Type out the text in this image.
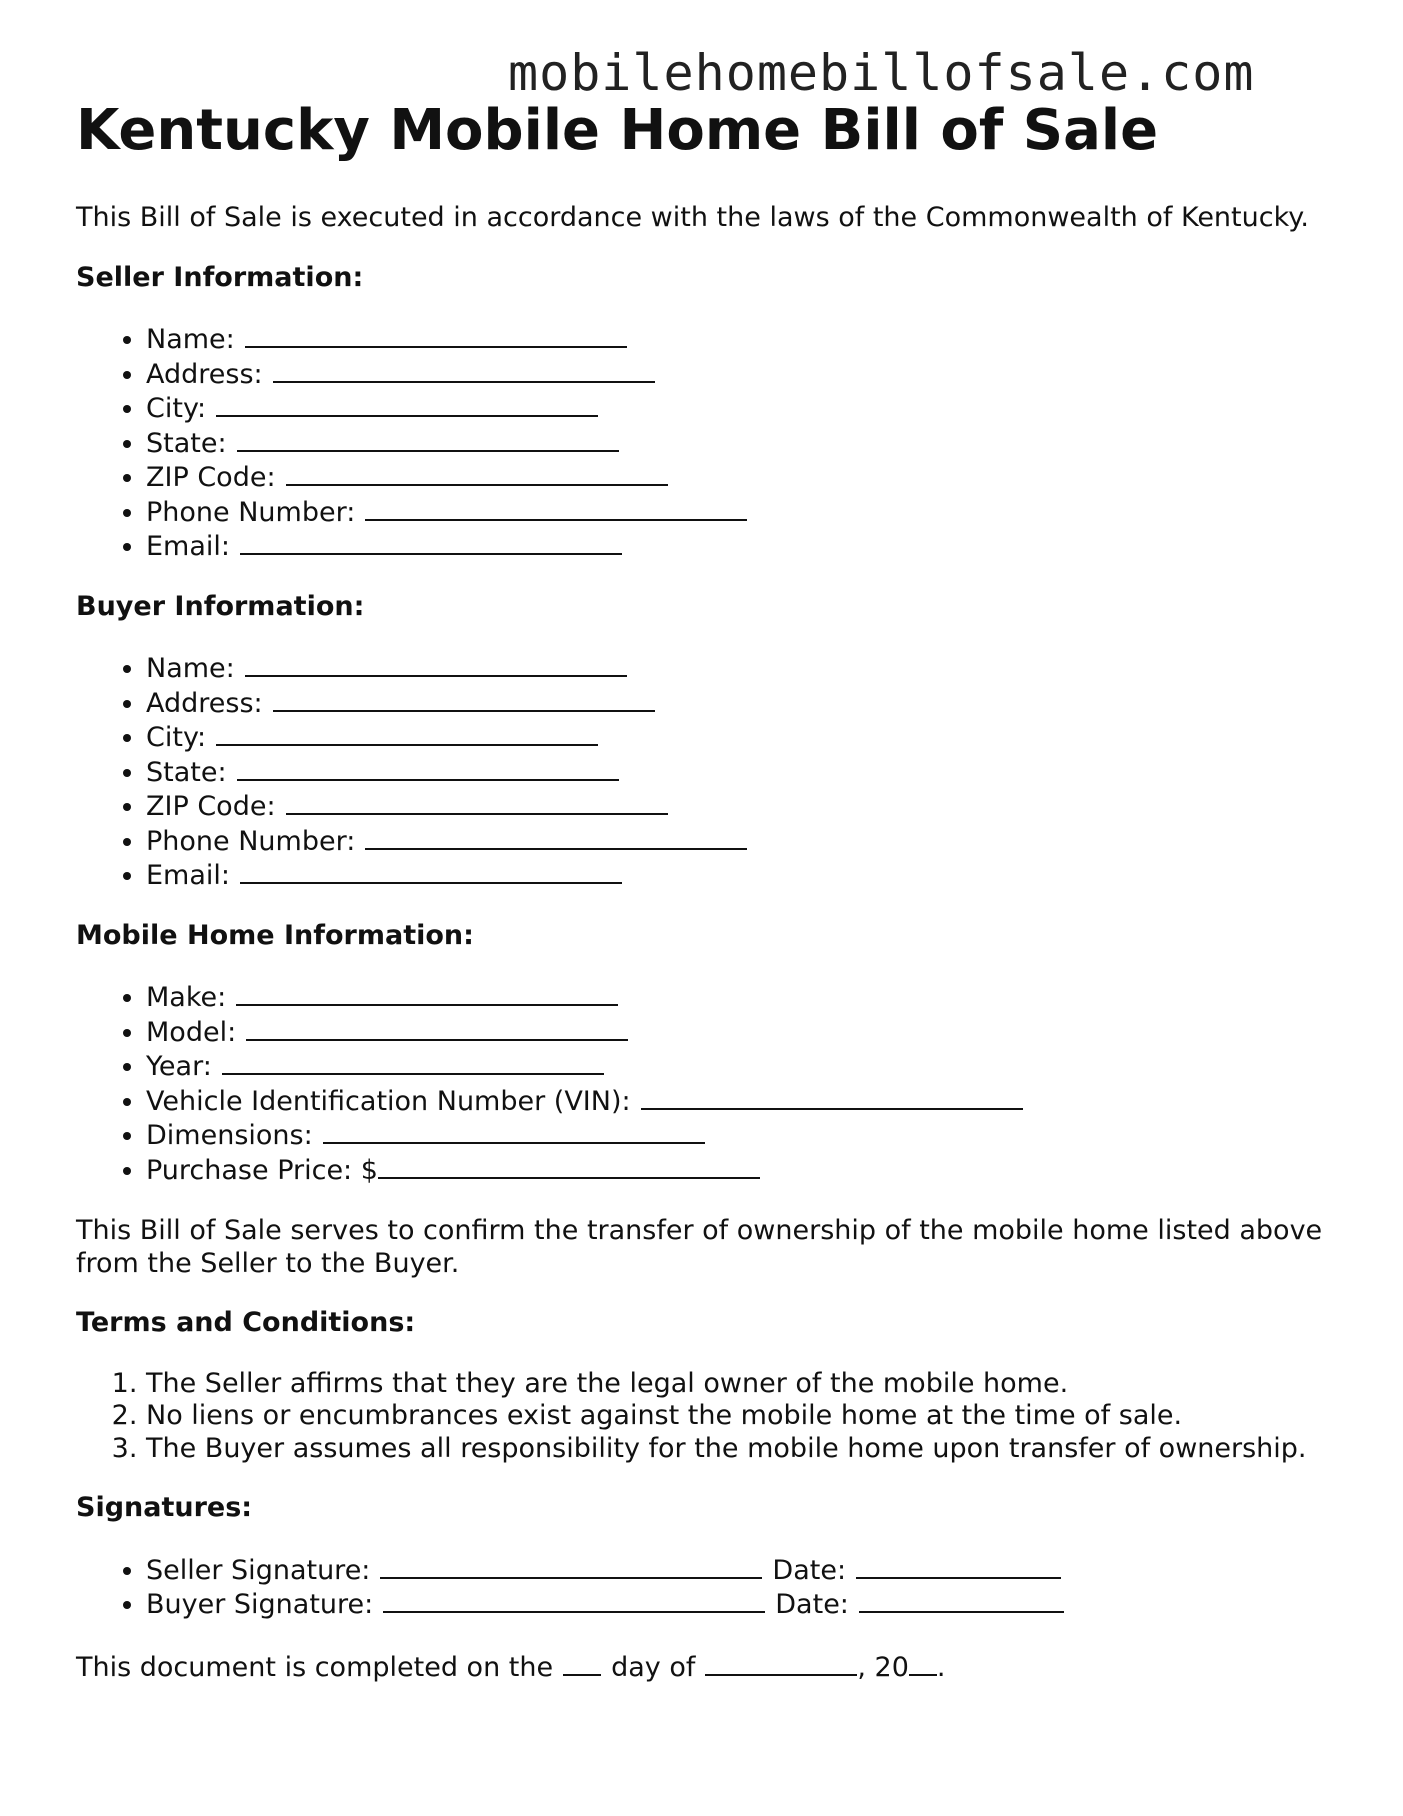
mobilehomebillofsale.com
Kentucky Mobile Home Bill of Sale

This Bill of Sale is executed in accordance with the laws of the Commonwealth of Kentucky.

Seller Information:
• Name:
• Address:
• City:
• State:
• ZIP Code:
• Phone Number:
• Email:
Buyer Information:
• Name:
• Address:
• City:
• State:
• ZIP Code:
• Phone Number:
• Email:
Mobile Home Information:
• Make:
• Model:
• Year:
• Vehicle Identification Number (VIN):
• Dimensions:
• Purchase Price: $

This Bill of Sale serves to confirm the transfer of ownership of the mobile home listed above from the Seller to the Buyer.

Terms and Conditions:
1. The Seller affirms that they are the legal owner of the mobile home.
2. No liens or encumbrances exist against the mobile home at the time of sale.
3. The Buyer assumes all responsibility for the mobile home upon transfer of ownership.
Signatures:
• Seller Signature:	Date:
• Buyer Signature:	Date:

This document is completed on the day of	, 20 .
